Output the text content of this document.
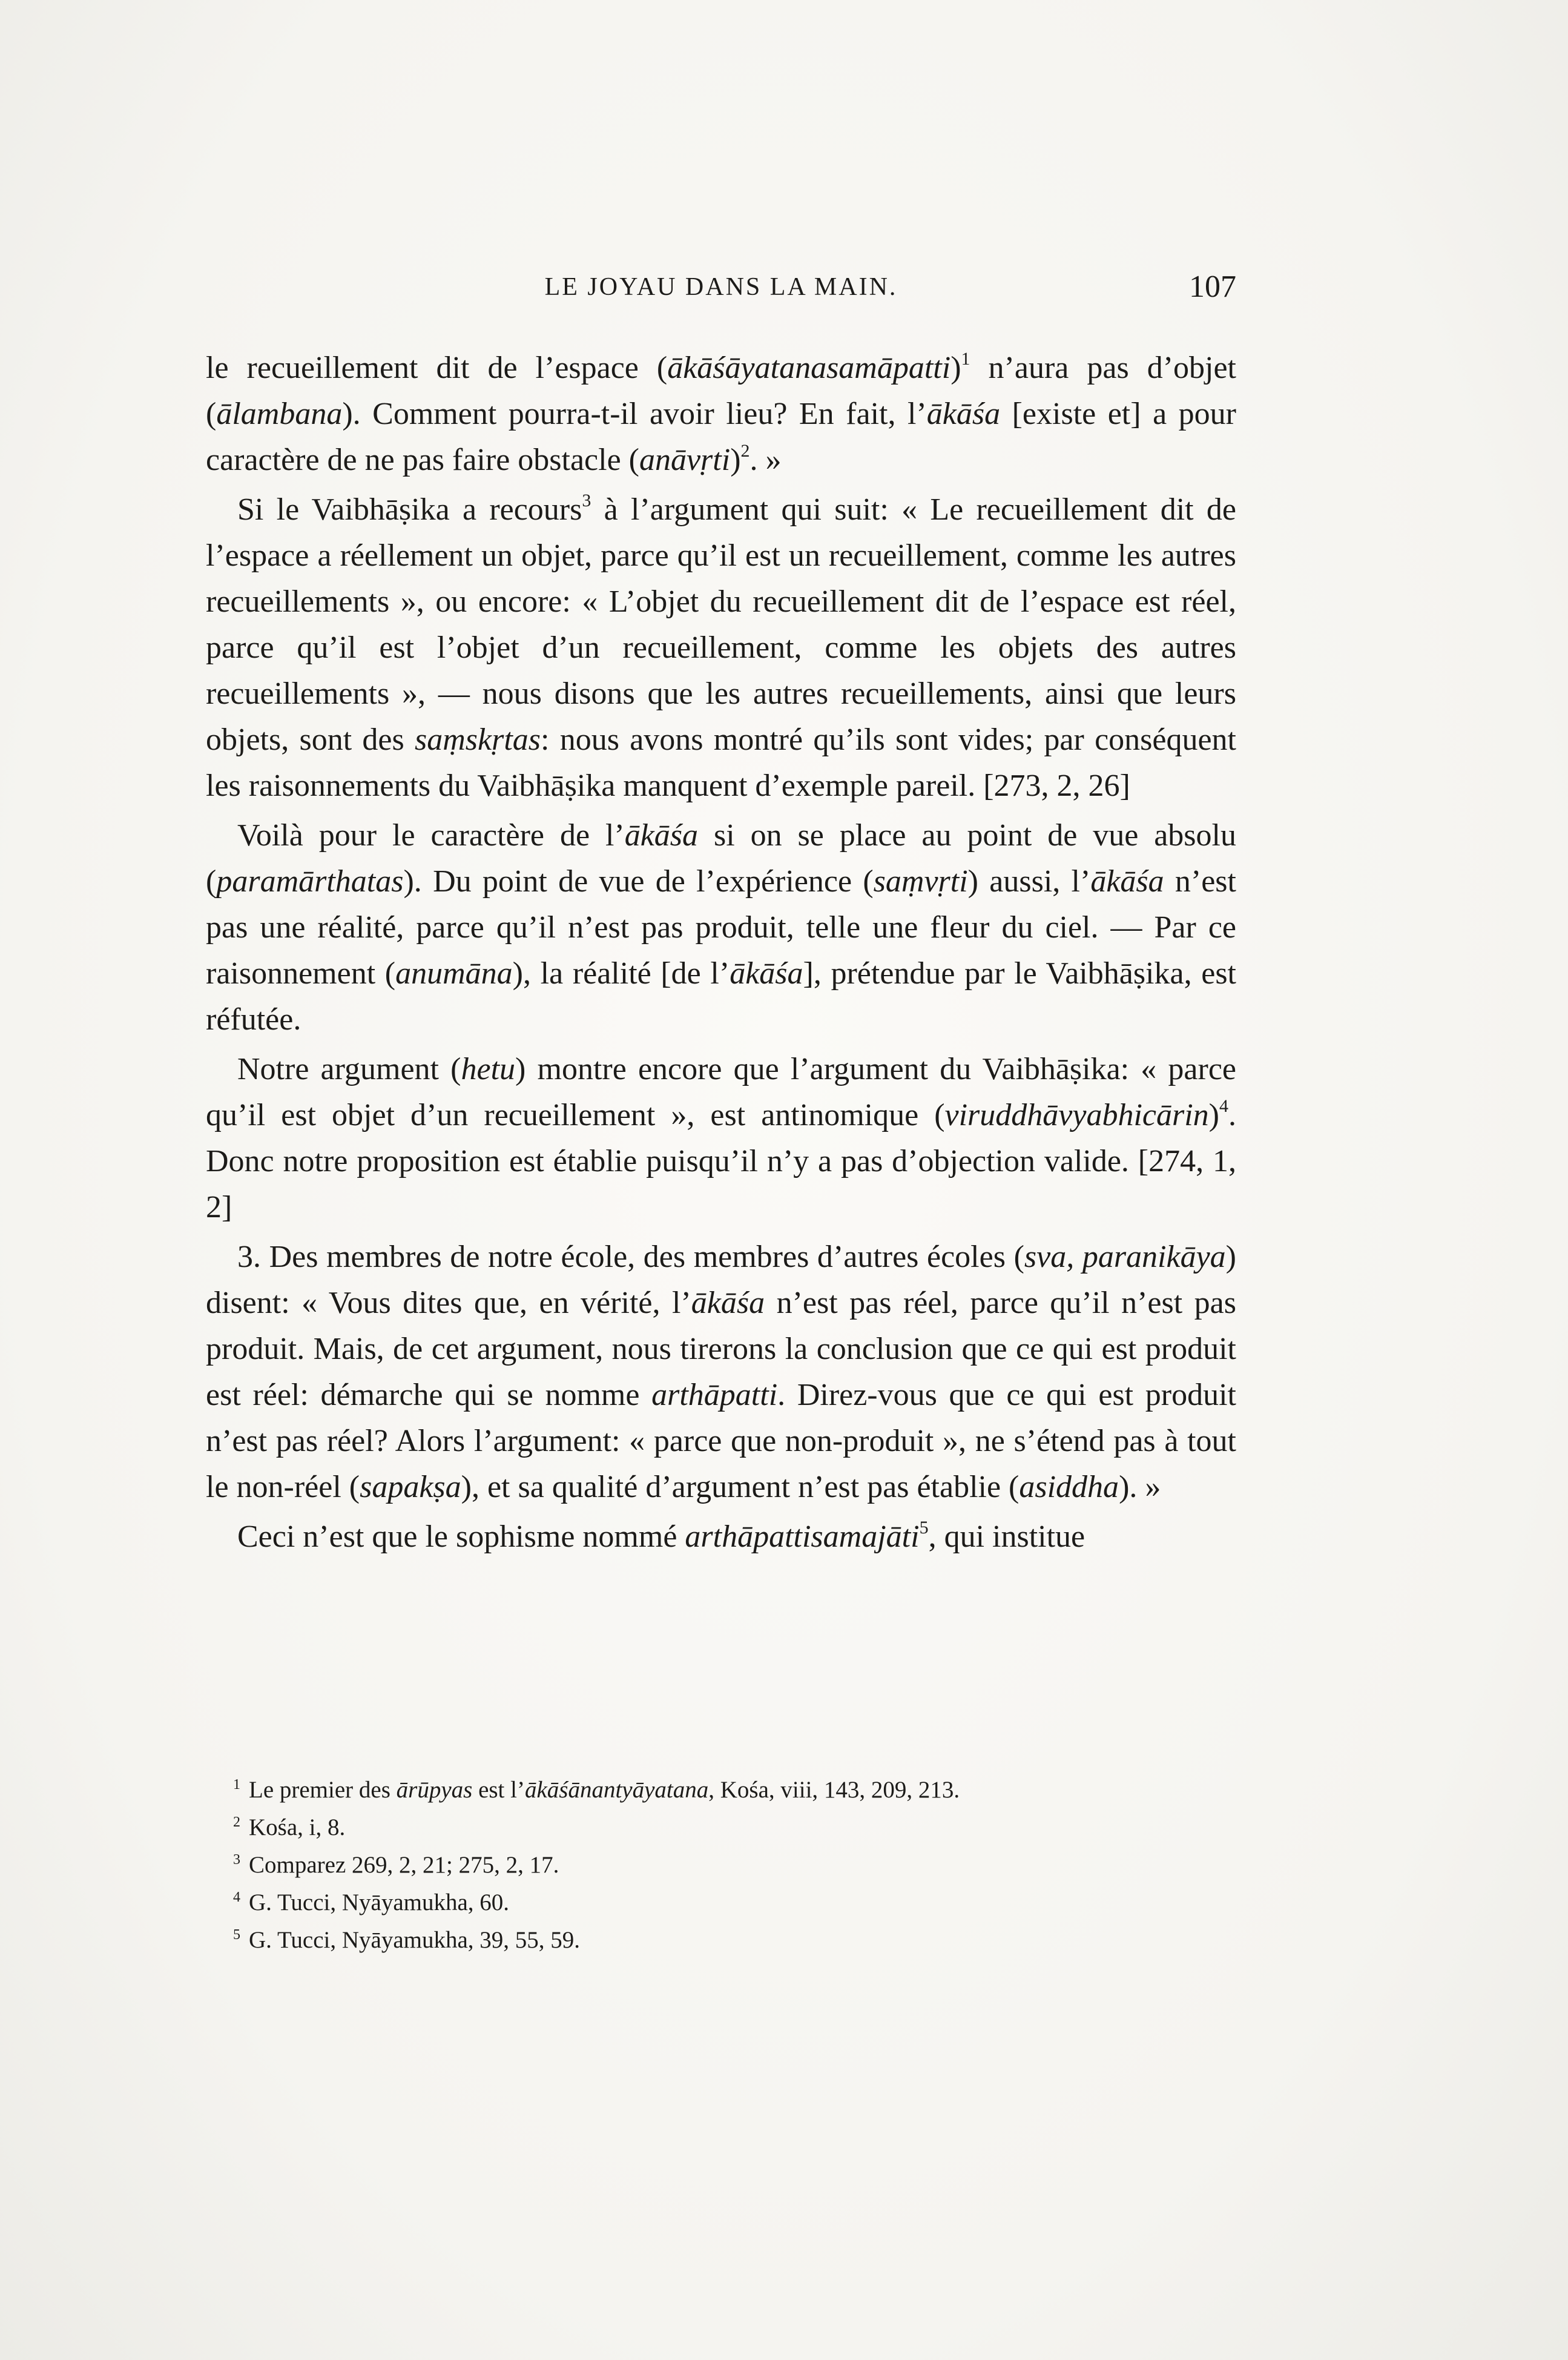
LE JOYAU DANS LA MAIN.	107

le recueillement dit de l’espace (ākāśāyatanasamāpatti)$^1$ n’aura pas d’objet (ālambana). Comment pourra-t-il avoir lieu? En fait, l’ākāśa [existe et] a pour caractère de ne pas faire obstacle (anāvṛti)$^2$. »

Si le Vaibhāṣika a recours$^3$ à l’argument qui suit: « Le recueillement dit de l’espace a réellement un objet, parce qu’il est un recueillement, comme les autres recueillements », ou encore: « L’objet du recueillement dit de l’espace est réel, parce qu’il est l’objet d’un recueillement, comme les objets des autres recueillements », — nous disons que les autres recueillements, ainsi que leurs objets, sont des saṃskṛtas: nous avons montré qu’ils sont vides; par conséquent les raisonnements du Vaibhāṣika manquent d’exemple pareil. [273, 2, 26]

Voilà pour le caractère de l’ākāśa si on se place au point de vue absolu (paramārthatas). Du point de vue de l’expérience (saṃvṛti) aussi, l’ākāśa n’est pas une réalité, parce qu’il n’est pas produit, telle une fleur du ciel. — Par ce raisonnement (anumāna), la réalité [de l’ākāśa], prétendue par le Vaibhāṣika, est réfutée.

Notre argument (hetu) montre encore que l’argument du Vaibhāṣika: « parce qu’il est objet d’un recueillement », est antinomique (viruddhāvyabhicārin)$^4$. Donc notre proposition est établie puisqu’il n’y a pas d’objection valide. [274, 1, 2]

3. Des membres de notre école, des membres d’autres écoles (sva, paranikāya) disent: « Vous dites que, en vérité, l’ākāśa n’est pas réel, parce qu’il n’est pas produit. Mais, de cet argument, nous tirerons la conclusion que ce qui est produit est réel: démarche qui se nomme arthāpatti. Direz-vous que ce qui est produit n’est pas réel? Alors l’argument: « parce que non-produit », ne s’étend pas à tout le non-réel (sapakṣa), et sa qualité d’argument n’est pas établie (asiddha). »

Ceci n’est que le sophisme nommé arthāpattisamajāti$^5$, qui institue

$^1$ Le premier des ārūpyas est l’ākāśānantyāyatana, Kośa, viii, 143, 209, 213.
$^2$ Kośa, i, 8.
$^3$ Comparez 269, 2, 21; 275, 2, 17.
$^4$ G. Tucci, Nyāyamukha, 60.
$^5$ G. Tucci, Nyāyamukha, 39, 55, 59.
